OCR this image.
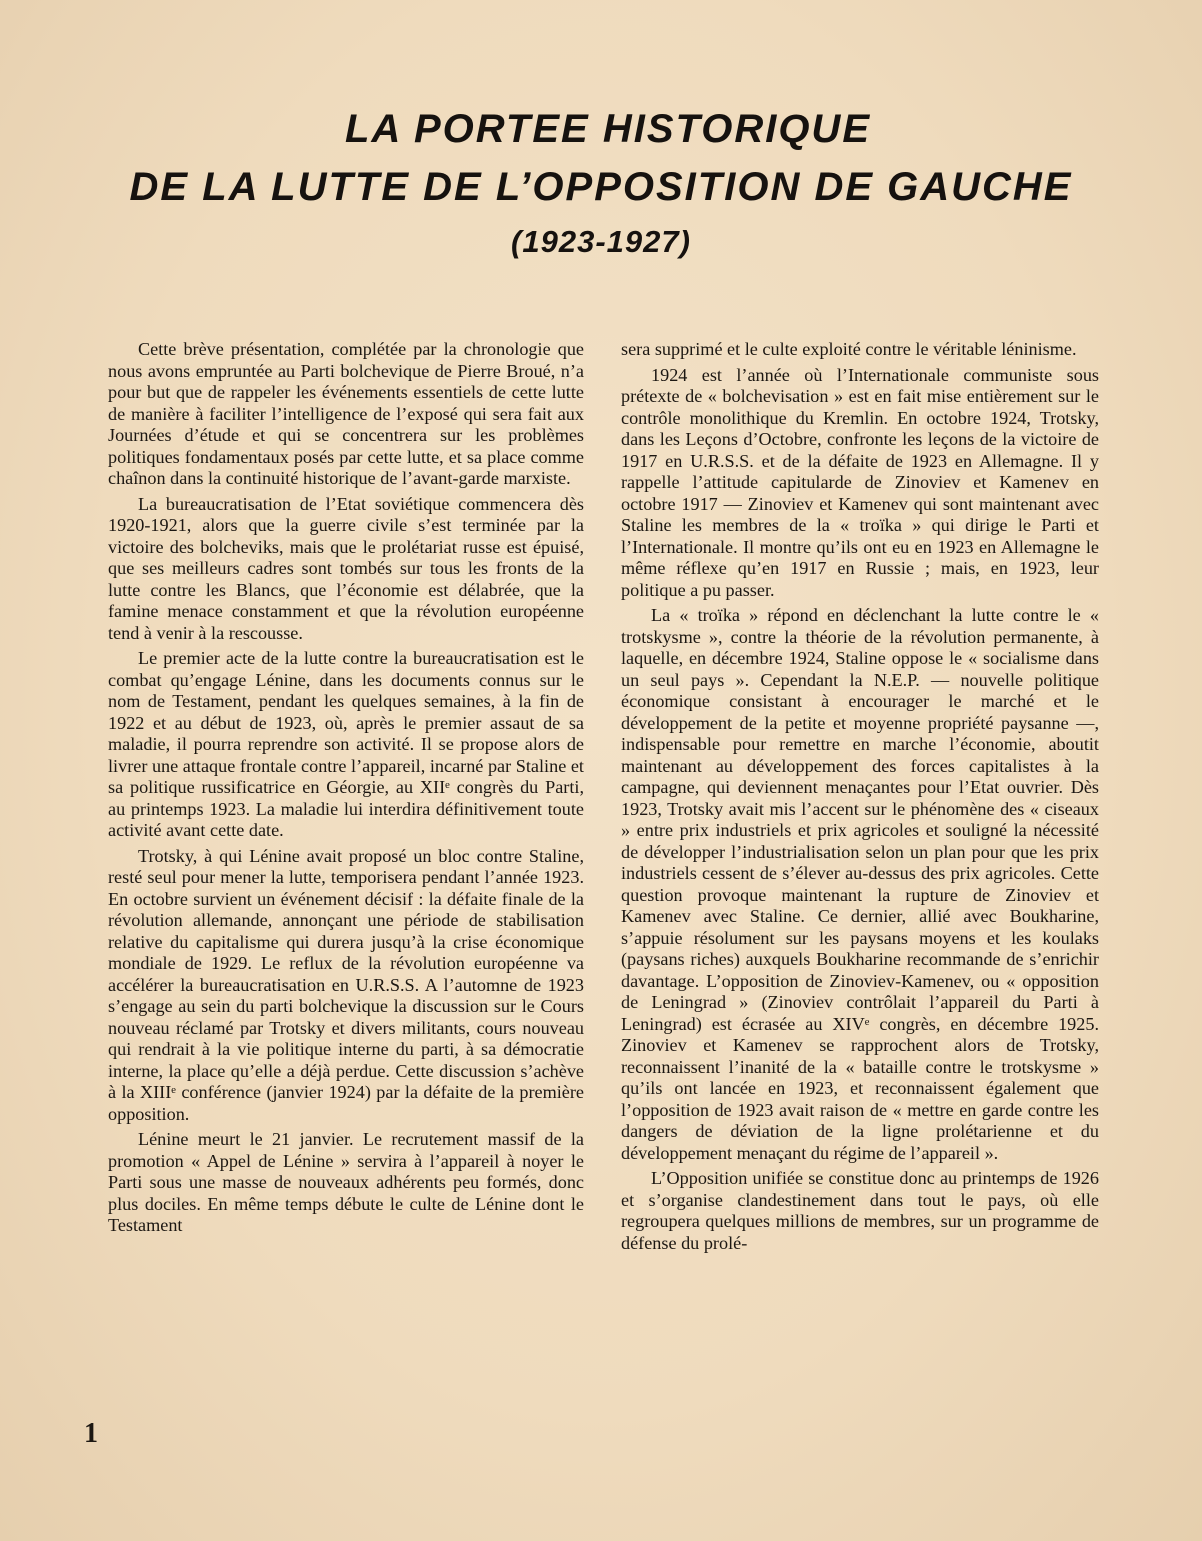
LA PORTEE HISTORIQUE
DE LA LUTTE DE L’OPPOSITION DE GAUCHE
(1923-1927)

Cette brève présentation, complétée par la chronologie que nous avons empruntée au Parti bolchevique de Pierre Broué, n’a pour but que de rappeler les événements essentiels de cette lutte de manière à faciliter l’intelligence de l’exposé qui sera fait aux Journées d’étude et qui se concentrera sur les problèmes politiques fondamentaux posés par cette lutte, et sa place comme chaînon dans la continuité historique de l’avant-garde marxiste.

La bureaucratisation de l’Etat soviétique commencera dès 1920-1921, alors que la guerre civile s’est terminée par la victoire des bolcheviks, mais que le prolétariat russe est épuisé, que ses meilleurs cadres sont tombés sur tous les fronts de la lutte contre les Blancs, que l’économie est délabrée, que la famine menace constamment et que la révolution européenne tend à venir à la rescousse.

Le premier acte de la lutte contre la bureaucratisation est le combat qu’engage Lénine, dans les documents connus sur le nom de Testament, pendant les quelques semaines, à la fin de 1922 et au début de 1923, où, après le premier assaut de sa maladie, il pourra reprendre son activité. Il se propose alors de livrer une attaque frontale contre l’appareil, incarné par Staline et sa politique russificatrice en Géorgie, au XIIᵉ congrès du Parti, au printemps 1923. La maladie lui interdira définitivement toute activité avant cette date.

Trotsky, à qui Lénine avait proposé un bloc contre Staline, resté seul pour mener la lutte, temporisera pendant l’année 1923. En octobre survient un événement décisif : la défaite finale de la révolution allemande, annonçant une période de stabilisation relative du capitalisme qui durera jusqu’à la crise économique mondiale de 1929. Le reflux de la révolution européenne va accélérer la bureaucratisation en U.R.S.S. A l’automne de 1923 s’engage au sein du parti bolchevique la discussion sur le Cours nouveau réclamé par Trotsky et divers militants, cours nouveau qui rendrait à la vie politique interne du parti, à sa démocratie interne, la place qu’elle a déjà perdue. Cette discussion s’achève à la XIIIᵉ conférence (janvier 1924) par la défaite de la première opposition.

Lénine meurt le 21 janvier. Le recrutement massif de la promotion « Appel de Lénine » servira à l’appareil à noyer le Parti sous une masse de nouveaux adhérents peu formés, donc plus dociles. En même temps débute le culte de Lénine dont le Testament

sera supprimé et le culte exploité contre le véritable léninisme.

1924 est l’année où l’Internationale communiste sous prétexte de « bolchevisation » est en fait mise entièrement sur le contrôle monolithique du Kremlin. En octobre 1924, Trotsky, dans les Leçons d’Octobre, confronte les leçons de la victoire de 1917 en U.R.S.S. et de la défaite de 1923 en Allemagne. Il y rappelle l’attitude capitularde de Zinoviev et Kamenev en octobre 1917 — Zinoviev et Kamenev qui sont maintenant avec Staline les membres de la « troïka » qui dirige le Parti et l’Internationale. Il montre qu’ils ont eu en 1923 en Allemagne le même réflexe qu’en 1917 en Russie ; mais, en 1923, leur politique a pu passer.

La « troïka » répond en déclenchant la lutte contre le « trotskysme », contre la théorie de la révolution permanente, à laquelle, en décembre 1924, Staline oppose le « socialisme dans un seul pays ». Cependant la N.E.P. — nouvelle politique économique consistant à encourager le marché et le développement de la petite et moyenne propriété paysanne —, indispensable pour remettre en marche l’économie, aboutit maintenant au développement des forces capitalistes à la campagne, qui deviennent menaçantes pour l’Etat ouvrier. Dès 1923, Trotsky avait mis l’accent sur le phénomène des « ciseaux » entre prix industriels et prix agricoles et souligné la nécessité de développer l’industrialisation selon un plan pour que les prix industriels cessent de s’élever au-dessus des prix agricoles. Cette question provoque maintenant la rupture de Zinoviev et Kamenev avec Staline. Ce dernier, allié avec Boukharine, s’appuie résolument sur les paysans moyens et les koulaks (paysans riches) auxquels Boukharine recommande de s’enrichir davantage. L’opposition de Zinoviev-Kamenev, ou « opposition de Leningrad » (Zinoviev contrôlait l’appareil du Parti à Leningrad) est écrasée au XIVᵉ congrès, en décembre 1925. Zinoviev et Kamenev se rapprochent alors de Trotsky, reconnaissent l’inanité de la « bataille contre le trotskysme » qu’ils ont lancée en 1923, et reconnaissent également que l’opposition de 1923 avait raison de « mettre en garde contre les dangers de déviation de la ligne prolétarienne et du développement menaçant du régime de l’appareil ».

L’Opposition unifiée se constitue donc au printemps de 1926 et s’organise clandestinement dans tout le pays, où elle regroupera quelques millions de membres, sur un programme de défense du prolé-

1
